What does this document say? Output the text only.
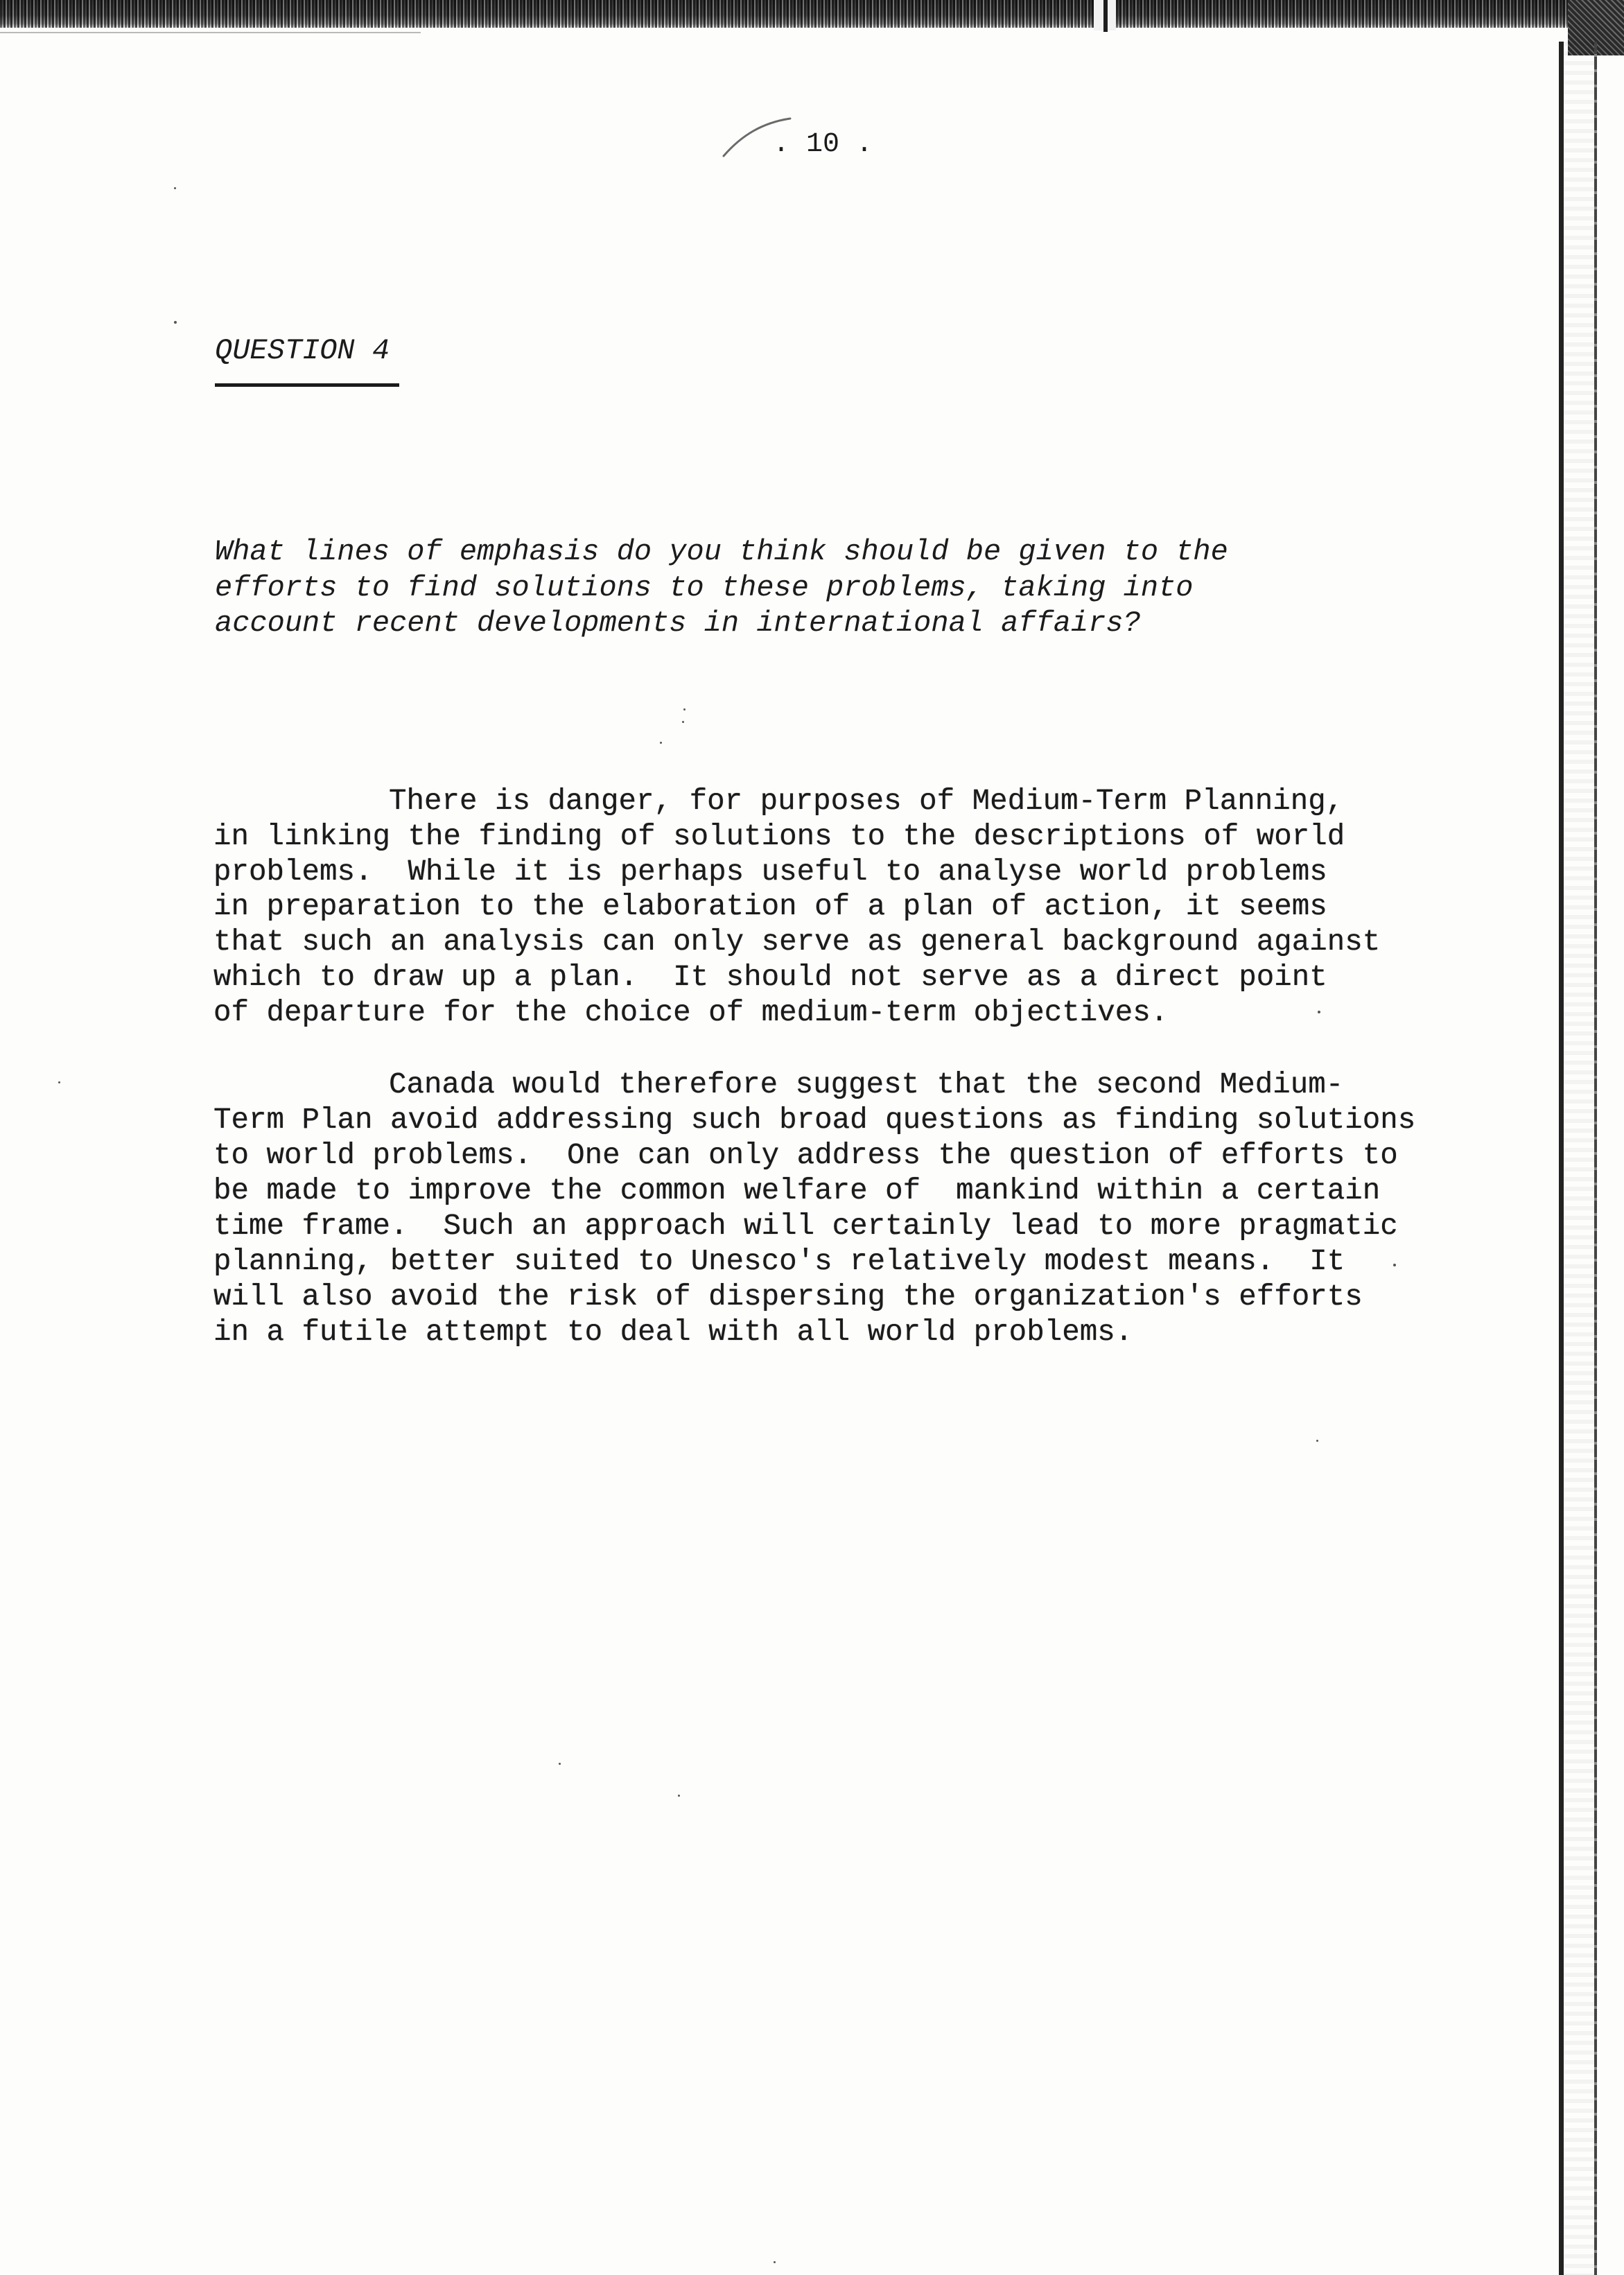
. 10 .
QUESTION 4
What lines of emphasis do you think should be given to the
efforts to find solutions to these problems, taking into
account recent developments in international affairs?
There is danger, for purposes of Medium-Term Planning,
in linking the finding of solutions to the descriptions of world
problems.  While it is perhaps useful to analyse world problems
in preparation to the elaboration of a plan of action, it seems
that such an analysis can only serve as general background against
which to draw up a plan.  It should not serve as a direct point
of departure for the choice of medium-term objectives.
Canada would therefore suggest that the second Medium-
Term Plan avoid addressing such broad questions as finding solutions
to world problems.  One can only address the question of efforts to
be made to improve the common welfare of  mankind within a certain
time frame.  Such an approach will certainly lead to more pragmatic
planning, better suited to Unesco's relatively modest means.  It
will also avoid the risk of dispersing the organization's efforts
in a futile attempt to deal with all world problems.
